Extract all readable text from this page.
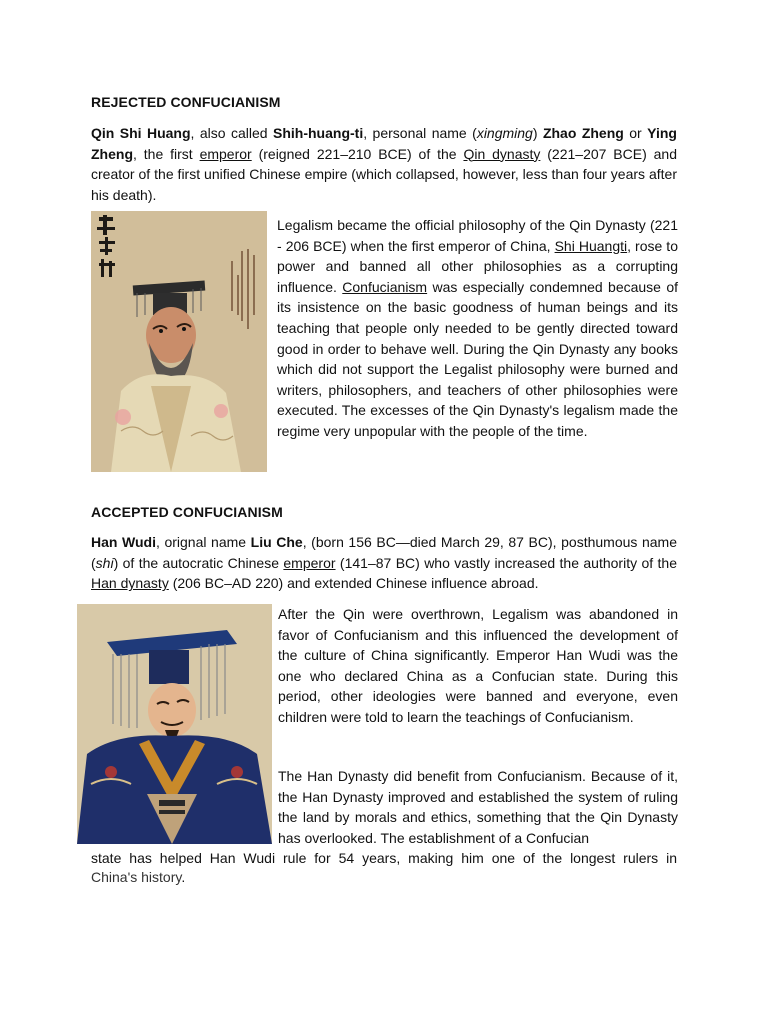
REJECTED CONFUCIANISM
Qin Shi Huang, also called Shih-huang-ti, personal name (xingming) Zhao Zheng or Ying Zheng, the first emperor (reigned 221–210 BCE) of the Qin dynasty (221–207 BCE) and creator of the first unified Chinese empire (which collapsed, however, less than four years after his death).
Legalism became the official philosophy of the Qin Dynasty (221 - 206 BCE) when the first emperor of China, Shi Huangti, rose to power and banned all other philosophies as a corrupting influence. Confucianism was especially condemned because of its insistence on the basic goodness of human beings and its teaching that people only needed to be gently directed toward good in order to behave well. During the Qin Dynasty any books which did not support the Legalist philosophy were burned and writers, philosophers, and teachers of other philosophies were executed. The excesses of the Qin Dynasty's legalism made the regime very unpopular with the people of the time.
ACCEPTED CONFUCIANISM
Han Wudi, orignal name Liu Che, (born 156 BC—died March 29, 87 BC), posthumous name (shi) of the autocratic Chinese emperor (141–87 BC) who vastly increased the authority of the Han dynasty (206 BC–AD 220) and extended Chinese influence abroad.
After the Qin were overthrown, Legalism was abandoned in favor of Confucianism and this influenced the development of the culture of China significantly. Emperor Han Wudi was the one who declared China as a Confucian state. During this period, other ideologies were banned and everyone, even children were told to learn the teachings of Confucianism.
The Han Dynasty did benefit from Confucianism. Because of it, the Han Dynasty improved and established the system of ruling the land by morals and ethics, something that the Qin Dynasty has overlooked. The establishment of a Confucian
state has helped Han Wudi rule for 54 years, making him one of the longest rulers in
China's history.
